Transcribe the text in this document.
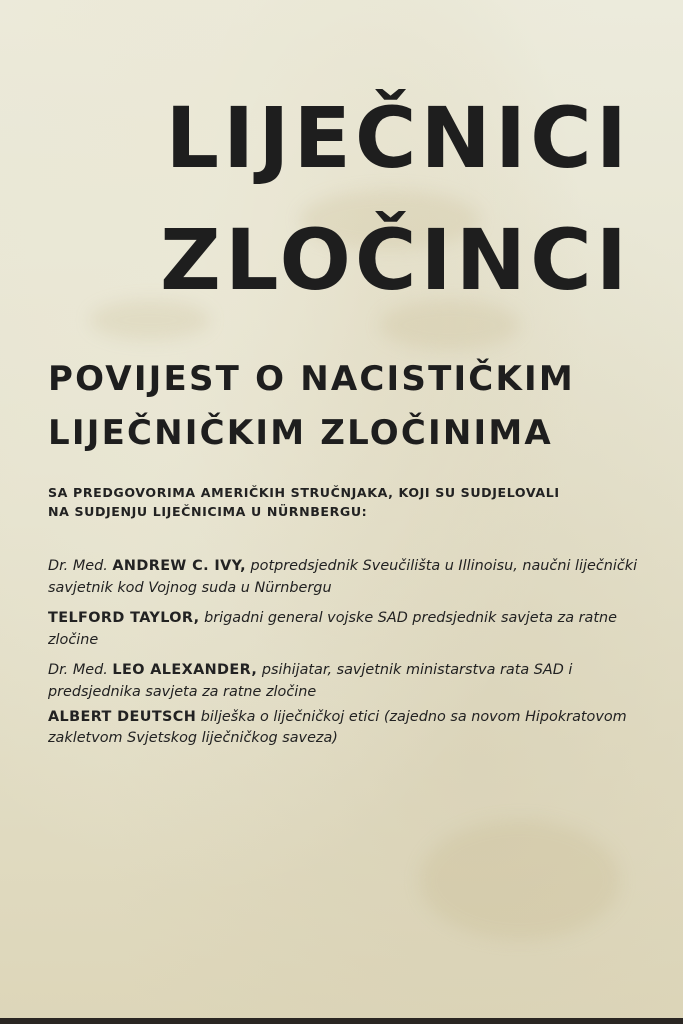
LIJEČNICI
ZLOČINCI
POVIJEST O NACISTIČKIM
LIJEČNIČKIM ZLOČINIMA
SA PREDGOVORIMA AMERIČKIH STRUČNJAKA, KOJI SU SUDJELOVALI
NA SUDJENJU LIJEČNICIMA U NÜRNBERGU:
Dr. Med. ANDREW C. IVY, potpredsjednik Sveučilišta u Illinoisu, naučni liječnički savjetnik kod Vojnog suda u Nürnbergu
TELFORD TAYLOR, brigadni general vojske SAD predsjednik savjeta za ratne zločine
Dr. Med. LEO ALEXANDER, psihijatar, savjetnik ministarstva rata SAD i predsjednika savjeta za ratne zločine
ALBERT DEUTSCH bilješka o liječničkoj etici (zajedno sa novom Hipokratovom zakletvom Svjetskog liječničkog saveza)
